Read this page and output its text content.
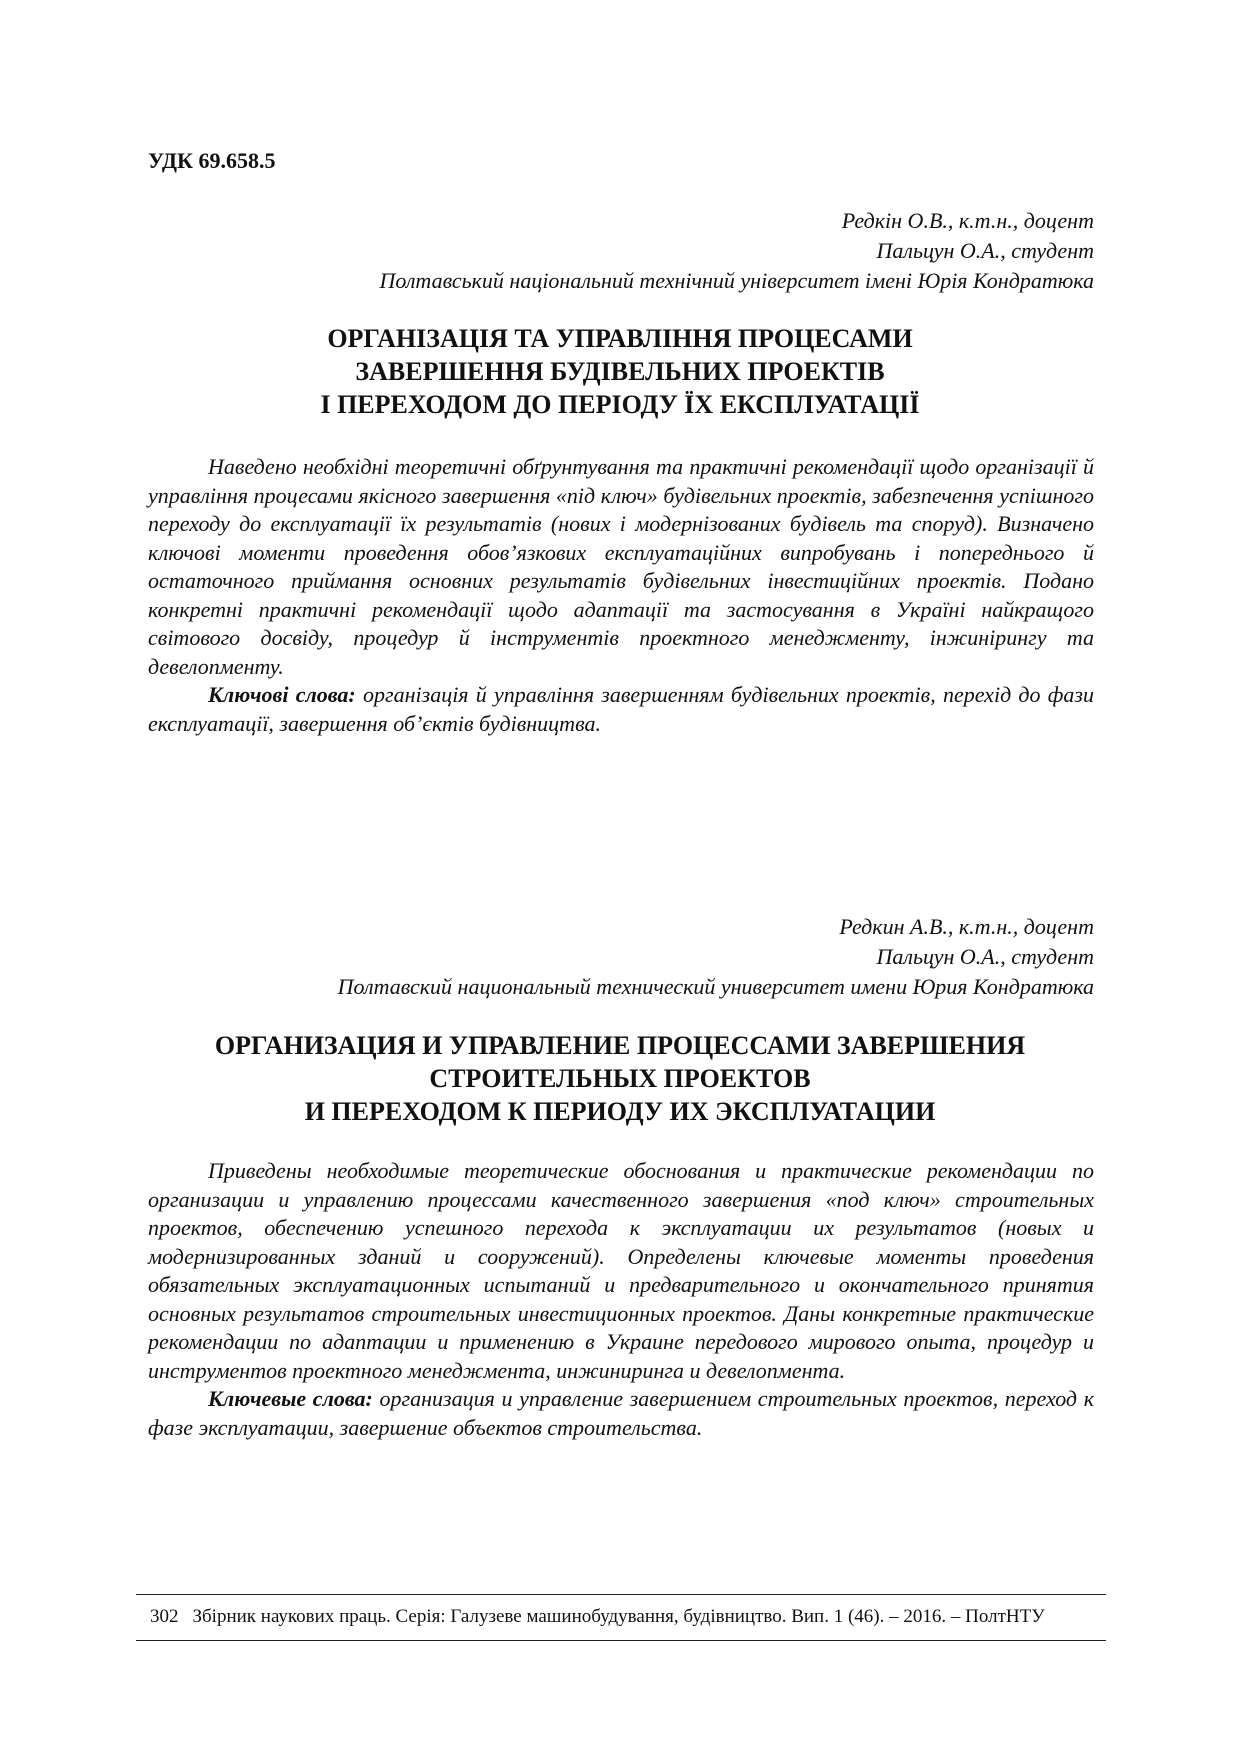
УДК 69.658.5
Редкін О.В., к.т.н., доцент
Пальцун О.А., студент
Полтавський національний технічний університет імені Юрія Кондратюка
ОРГАНІЗАЦІЯ ТА УПРАВЛІННЯ ПРОЦЕСАМИ
ЗАВЕРШЕННЯ БУДІВЕЛЬНИХ ПРОЕКТІВ
І ПЕРЕХОДОМ ДО ПЕРІОДУ ЇХ ЕКСПЛУАТАЦІЇ

Наведено необхідні теоретичні обґрунтування та практичні рекомендації щодо організації й управління процесами якісного завершення «під ключ» будівельних проектів, забезпечення успішного переходу до експлуатації їх результатів (нових і модернізованих будівель та споруд). Визначено ключові моменти проведення обов’язкових експлуатаційних випробувань і попереднього й остаточного приймання основних результатів будівельних інвестиційних проектів. Подано конкретні практичні рекомендації щодо адаптації та застосування в Україні найкращого світового досвіду, процедур й інструментів проектного менеджменту, інжинірингу та девелопменту.

Ключові слова: організація й управління завершенням будівельних проектів, перехід до фази експлуатації, завершення об’єктів будівництва.

Редкин А.В., к.т.н., доцент
Пальцун О.А., студент
Полтавский национальный технический университет имени Юрия Кондратюка
ОРГАНИЗАЦИЯ И УПРАВЛЕНИЕ ПРОЦЕССАМИ ЗАВЕРШЕНИЯ
СТРОИТЕЛЬНЫХ ПРОЕКТОВ
И ПЕРЕХОДОМ К ПЕРИОДУ ИХ ЭКСПЛУАТАЦИИ

Приведены необходимые теоретические обоснования и практические рекомендации по организации и управлению процессами качественного завершения «под ключ» строительных проектов, обеспечению успешного перехода к эксплуатации их результатов (новых и модернизированных зданий и сооружений). Определены ключевые моменты проведения обязательных эксплуатационных испытаний и предварительного и окончательного принятия основных результатов строительных инвестиционных проектов. Даны конкретные практические рекомендации по адаптации и применению в Украине передового мирового опыта, процедур и инструментов проектного менеджмента, инжиниринга и девелопмента.

Ключевые слова: организация и управление завершением строительных проектов, переход к фазе эксплуатации, завершение объектов строительства.

302 Збірник наукових праць. Серія: Галузеве машинобудування, будівництво. Вип. 1 (46). – 2016. – ПолтНТУ
